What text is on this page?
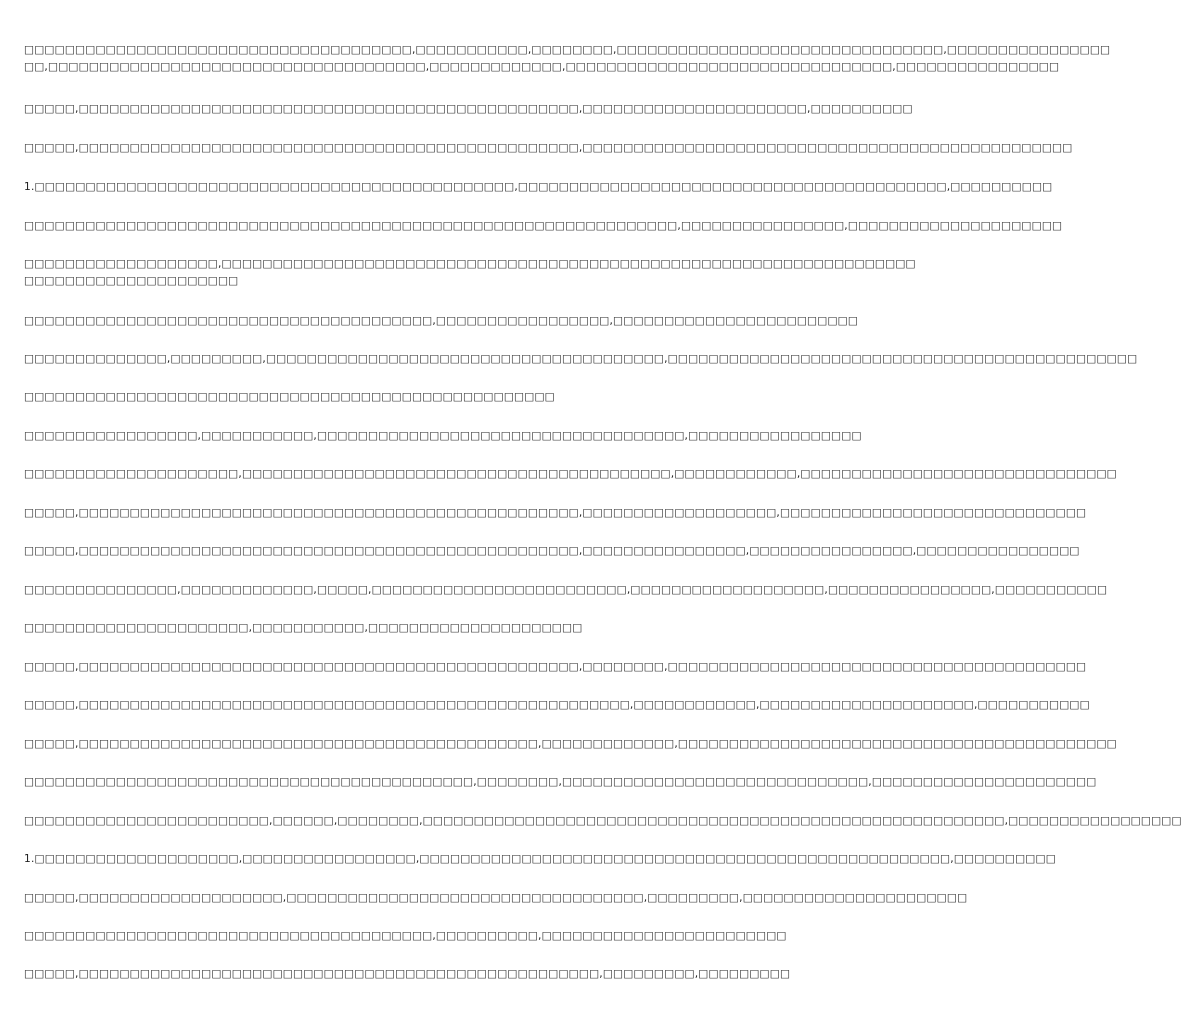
□□□□□□□□□□□□□□□□□□□□□□□□□□□□□□□□□□□□□□,□□□□□□□□□□□,□□□□□□□□,□□□□□□□□□□□□□□□□□□□□□□□□□□□□□□□□,□□□□□□□□□□□□□□□□
□□,□□□□□□□□□□□□□□□□□□□□□□□□□□□□□□□□□□□□□,□□□□□□□□□□□□□,□□□□□□□□□□□□□□□□□□□□□□□□□□□□□□□□,□□□□□□□□□□□□□□□□
□□□□□,□□□□□□□□□□□□□□□□□□□□□□□□□□□□□□□□□□□□□□□□□□□□□□□□□,□□□□□□□□□□□□□□□□□□□□□□,□□□□□□□□□□
□□□□□,□□□□□□□□□□□□□□□□□□□□□□□□□□□□□□□□□□□□□□□□□□□□□□□□□,□□□□□□□□□□□□□□□□□□□□□□□□□□□□□□□□□□□□□□□□□□□□□□□□
1.□□□□□□□□□□□□□□□□□□□□□□□□□□□□□□□□□□□□□□□□□□□□□□□,□□□□□□□□□□□□□□□□□□□□□□□□□□□□□□□□□□□□□□□□□□,□□□□□□□□□□
□□□□□□□□□□□□□□□□□□□□□□□□□□□□□□□□□□□□□□□□□□□□□□□□□□□□□□□□□□□□□□□□,□□□□□□□□□□□□□□□□,□□□□□□□□□□□□□□□□□□□□□
□□□□□□□□□□□□□□□□□□□,□□□□□□□□□□□□□□□□□□□□□□□□□□□□□□□□□□□□□□□□□□□□□□□□□□□□□□□□□□□□□□□□□□□□
□□□□□□□□□□□□□□□□□□□□□
□□□□□□□□□□□□□□□□□□□□□□□□□□□□□□□□□□□□□□□□,□□□□□□□□□□□□□□□□□,□□□□□□□□□□□□□□□□□□□□□□□□
□□□□□□□□□□□□□□,□□□□□□□□□,□□□□□□□□□□□□□□□□□□□□□□□□□□□□□□□□□□□□□□□,□□□□□□□□□□□□□□□□□□□□□□□□□□□□□□□□□□□□□□□□□□□□□□
□□□□□□□□□□□□□□□□□□□□□□□□□□□□□□□□□□□□□□□□□□□□□□□□□□□□
□□□□□□□□□□□□□□□□□,□□□□□□□□□□□,□□□□□□□□□□□□□□□□□□□□□□□□□□□□□□□□□□□□,□□□□□□□□□□□□□□□□□
□□□□□□□□□□□□□□□□□□□□□,□□□□□□□□□□□□□□□□□□□□□□□□□□□□□□□□□□□□□□□□□□,□□□□□□□□□□□□,□□□□□□□□□□□□□□□□□□□□□□□□□□□□□□□
□□□□□,□□□□□□□□□□□□□□□□□□□□□□□□□□□□□□□□□□□□□□□□□□□□□□□□□,□□□□□□□□□□□□□□□□□□□,□□□□□□□□□□□□□□□□□□□□□□□□□□□□□□
□□□□□,□□□□□□□□□□□□□□□□□□□□□□□□□□□□□□□□□□□□□□□□□□□□□□□□□,□□□□□□□□□□□□□□□□,□□□□□□□□□□□□□□□□,□□□□□□□□□□□□□□□□
□□□□□□□□□□□□□□□,□□□□□□□□□□□□□,□□□□□,□□□□□□□□□□□□□□□□□□□□□□□□□,□□□□□□□□□□□□□□□□□□□,□□□□□□□□□□□□□□□□,□□□□□□□□□□□
□□□□□□□□□□□□□□□□□□□□□□,□□□□□□□□□□□,□□□□□□□□□□□□□□□□□□□□□
□□□□□,□□□□□□□□□□□□□□□□□□□□□□□□□□□□□□□□□□□□□□□□□□□□□□□□□,□□□□□□□□,□□□□□□□□□□□□□□□□□□□□□□□□□□□□□□□□□□□□□□□□□
□□□□□,□□□□□□□□□□□□□□□□□□□□□□□□□□□□□□□□□□□□□□□□□□□□□□□□□□□□□□,□□□□□□□□□□□□,□□□□□□□□□□□□□□□□□□□□□,□□□□□□□□□□□
□□□□□,□□□□□□□□□□□□□□□□□□□□□□□□□□□□□□□□□□□□□□□□□□□□□,□□□□□□□□□□□□□,□□□□□□□□□□□□□□□□□□□□□□□□□□□□□□□□□□□□□□□□□□□
□□□□□□□□□□□□□□□□□□□□□□□□□□□□□□□□□□□□□□□□□□□□,□□□□□□□□,□□□□□□□□□□□□□□□□□□□□□□□□□□□□□□,□□□□□□□□□□□□□□□□□□□□□□
□□□□□□□□□□□□□□□□□□□□□□□□,□□□□□□,□□□□□□□□,□□□□□□□□□□□□□□□□□□□□□□□□□□□□□□□□□□□□□□□□□□□□□□□□□□□□□□□□□,□□□□□□□□□□□□□□□□□
1.□□□□□□□□□□□□□□□□□□□□,□□□□□□□□□□□□□□□□□,□□□□□□□□□□□□□□□□□□□□□□□□□□□□□□□□□□□□□□□□□□□□□□□□□□□□,□□□□□□□□□□
□□□□□,□□□□□□□□□□□□□□□□□□□□,□□□□□□□□□□□□□□□□□□□□□□□□□□□□□□□□□□□,□□□□□□□□□,□□□□□□□□□□□□□□□□□□□□□□
□□□□□□□□□□□□□□□□□□□□□□□□□□□□□□□□□□□□□□□□,□□□□□□□□□□,□□□□□□□□□□□□□□□□□□□□□□□□
□□□□□,□□□□□□□□□□□□□□□□□□□□□□□□□□□□□□□□□□□□□□□□□□□□□□□□□□□,□□□□□□□□□,□□□□□□□□□
